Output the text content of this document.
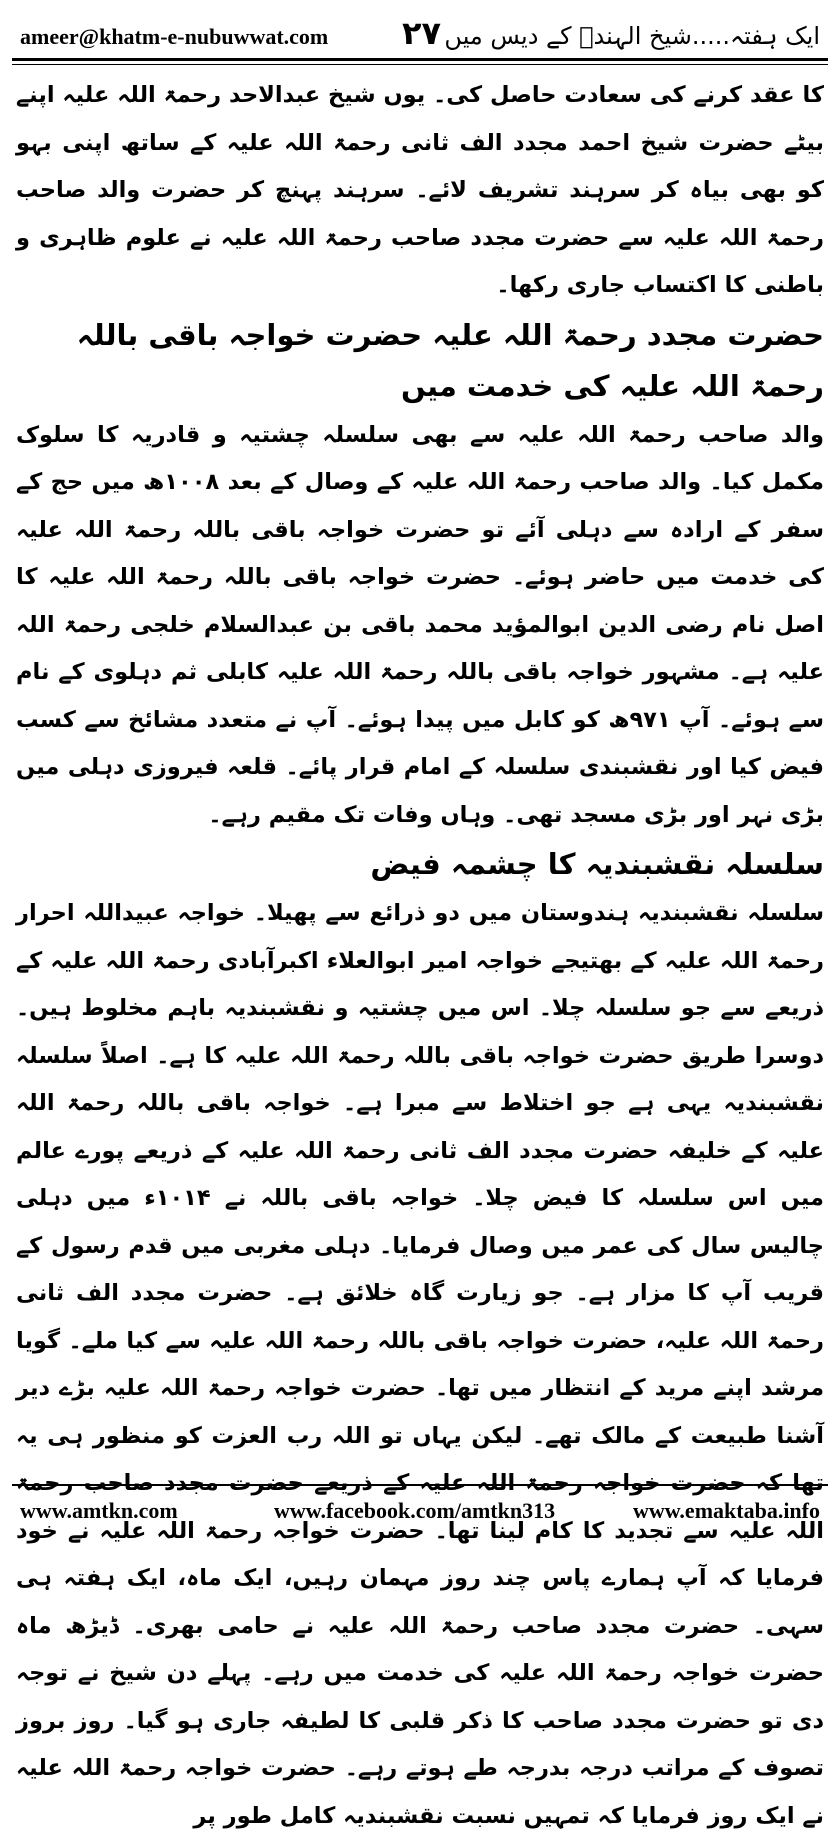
ameer@khatm-e-nubuwwat.com ۲۷ ایک ہفتہ.....شیخ الہندؒ کے دیس میں

کا عقد کرنے کی سعادت حاصل کی۔ یوں شیخ عبدالاحد رحمۃ اللہ علیہ اپنے بیٹے حضرت شیخ احمد مجدد الف ثانی رحمۃ اللہ علیہ کے ساتھ اپنی بہو کو بھی بیاہ کر سرہند تشریف لائے۔ سرہند پہنچ کر حضرت والد صاحب رحمۃ اللہ علیہ سے حضرت مجدد صاحب رحمۃ اللہ علیہ نے علوم ظاہری و باطنی کا اکتساب جاری رکھا۔

حضرت مجدد رحمۃ اللہ علیہ حضرت خواجہ باقی باللہ رحمۃ اللہ علیہ کی خدمت میں

والد صاحب رحمۃ اللہ علیہ سے بھی سلسلہ چشتیہ و قادریہ کا سلوک مکمل کیا۔ والد صاحب رحمۃ اللہ علیہ کے وصال کے بعد ۱۰۰۸ھ میں حج کے سفر کے ارادہ سے دہلی آئے تو حضرت خواجہ باقی باللہ رحمۃ اللہ علیہ کی خدمت میں حاضر ہوئے۔ حضرت خواجہ باقی باللہ رحمۃ اللہ علیہ کا اصل نام رضی الدین ابوالمؤید محمد باقی بن عبدالسلام خلجی رحمۃ اللہ علیہ ہے۔ مشہور خواجہ باقی باللہ رحمۃ اللہ علیہ کابلی ثم دہلوی کے نام سے ہوئے۔ آپ ۹۷۱ھ کو کابل میں پیدا ہوئے۔ آپ نے متعدد مشائخ سے کسب فیض کیا اور نقشبندی سلسلہ کے امام قرار پائے۔ قلعہ فیروزی دہلی میں بڑی نہر اور بڑی مسجد تھی۔ وہاں وفات تک مقیم رہے۔

سلسلہ نقشبندیہ کا چشمہ فیض

سلسلہ نقشبندیہ ہندوستان میں دو ذرائع سے پھیلا۔ خواجہ عبیداللہ احرار رحمۃ اللہ علیہ کے بھتیجے خواجہ امیر ابوالعلاء اکبرآبادی رحمۃ اللہ علیہ کے ذریعے سے جو سلسلہ چلا۔ اس میں چشتیہ و نقشبندیہ باہم مخلوط ہیں۔ دوسرا طریق حضرت خواجہ باقی باللہ رحمۃ اللہ علیہ کا ہے۔ اصلاً سلسلہ نقشبندیہ یہی ہے جو اختلاط سے مبرا ہے۔ خواجہ باقی باللہ رحمۃ اللہ علیہ کے خلیفہ حضرت مجدد الف ثانی رحمۃ اللہ علیہ کے ذریعے پورے عالم میں اس سلسلہ کا فیض چلا۔ خواجہ باقی باللہ نے ۱۰۱۴ء میں دہلی چالیس سال کی عمر میں وصال فرمایا۔ دہلی مغربی میں قدم رسول کے قریب آپ کا مزار ہے۔ جو زیارت گاہ خلائق ہے۔ حضرت مجدد الف ثانی رحمۃ اللہ علیہ، حضرت خواجہ باقی باللہ رحمۃ اللہ علیہ سے کیا ملے۔ گویا مرشد اپنے مرید کے انتظار میں تھا۔ حضرت خواجہ رحمۃ اللہ علیہ بڑے دیر آشنا طبیعت کے مالک تھے۔ لیکن یہاں تو اللہ رب العزت کو منظور ہی یہ تھا کہ حضرت خواجہ رحمۃ اللہ علیہ کے ذریعے حضرت مجدد صاحب رحمۃ اللہ علیہ سے تجدید کا کام لینا تھا۔ حضرت خواجہ رحمۃ اللہ علیہ نے خود فرمایا کہ آپ ہمارے پاس چند روز مہمان رہیں، ایک ماہ، ایک ہفتہ ہی سہی۔ حضرت مجدد صاحب رحمۃ اللہ علیہ نے حامی بھری۔ ڈیڑھ ماہ حضرت خواجہ رحمۃ اللہ علیہ کی خدمت میں رہے۔ پہلے دن شیخ نے توجہ دی تو حضرت مجدد صاحب کا ذکر قلبی کا لطیفہ جاری ہو گیا۔ روز بروز تصوف کے مراتب درجہ بدرجہ طے ہوتے رہے۔ حضرت خواجہ رحمۃ اللہ علیہ نے ایک روز فرمایا کہ تمہیں نسبت نقشبندیہ کامل طور پر

www.amtkn.com	www.facebook.com/amtkn313	www.emaktaba.info
